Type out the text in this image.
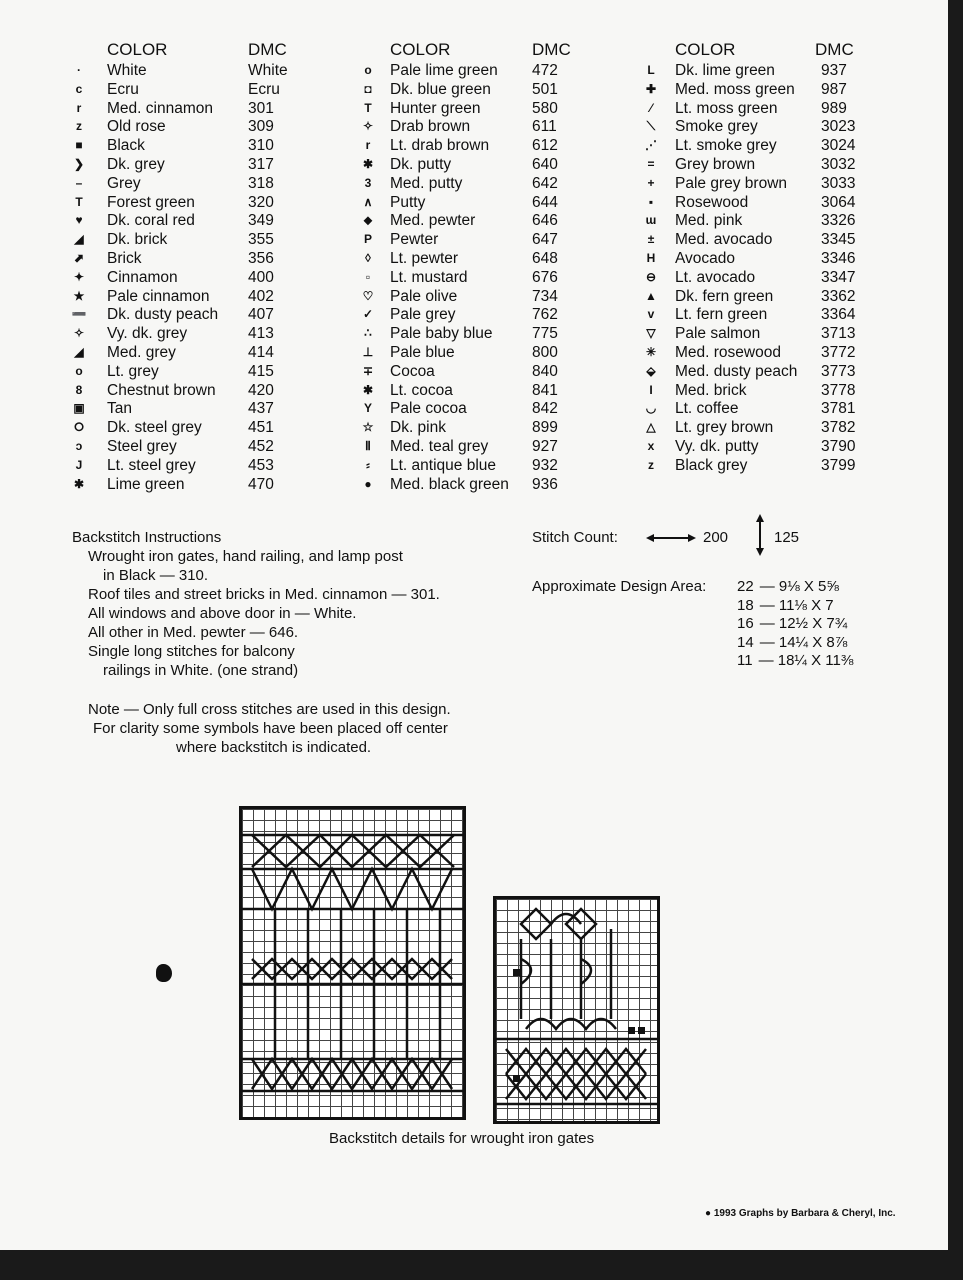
COLOR	DMC
·	White	White
c	Ecru	Ecru
r	Med. cinnamon 301
z	Old rose	309
■	Black	310
❯ Dk. grey	317
–	Grey	318
T	Forest green	320
♥	Dk. coral red	349
◢ Dk. brick	355
⬈ Brick	356
✦ Cinnamon	400
★ Pale cinnamon 402
➖ Dk. dusty peach 407
✧ Vy. dk. grey	413
◢ Med. grey	414
o	Lt. grey	415
8	Chestnut brown 420
▣ Tan	437
⭘ Dk. steel grey	451
ɔ	Steel grey	452
J	Lt. steel grey	453
✱ Lime green	470
COLOR	DMC
o	Pale lime green 472
◘	Dk. blue green	501
T	Hunter green	580
✧ Drab brown	611
r	Lt. drab brown	612
✱ Dk. putty	640
3	Med. putty	642
∧ Putty	644
⬥	Med. pewter	646
P	Pewter	647
◊	Lt. pewter	648
▫	Lt. mustard	676
♡ Pale olive	734
✓ Pale grey	762
∴	Pale baby blue	775
⊥ Pale blue	800
∓ Cocoa	840
✱ Lt. cocoa	841
Y	Pale cocoa	842
☆ Dk. pink	899
Ⅱ	Med. teal grey	927
⸗	Lt. antique blue 932
●	Med. black green 936
COLOR	DMC
L	Dk. lime green	937
✚ Med. moss green 987
⁄	Lt. moss green	989
⟍	Smoke grey	3023
⋰ Lt. smoke grey	3024
=	Grey brown	3032
+	Pale grey brown 3033
▪	Rosewood	3064
ɯ Med. pink	3326
±	Med. avocado	3345
H	Avocado	3346
⊖ Lt. avocado	3347
▲ Dk. fern green	3362
v	Lt. fern green	3364
▽ Pale salmon	3713
✳ Med. rosewood	3772
⬙ Med. dusty peach 3773
I	Med. brick	3778
◡ Lt. coffee	3781
△ Lt. grey brown	3782
x	Vy. dk. putty	3790
z	Black grey	3799
Backstitch Instructions
Wrought iron gates, hand railing, and lamp post
in Black — 310.
Roof tiles and street bricks in Med. cinnamon — 301.
All windows and above door in — White.
All other in Med. pewter — 646.
Single long stitches for balcony
railings in White. (one strand)
Note — Only full cross stitches are used in this design.
For clarity some symbols have been placed off center
where backstitch is indicated.
Stitch Count:	200	125
Approximate Design Area: 22 — 9⅛ X 5⅝
18 — 11⅛ X 7
16 — 12½ X 7¾
14 — 14¼ X 8⅞
11 — 18¼ X 11⅜
Backstitch details for wrought iron gates
● 1993 Graphs by Barbara & Cheryl, Inc.
